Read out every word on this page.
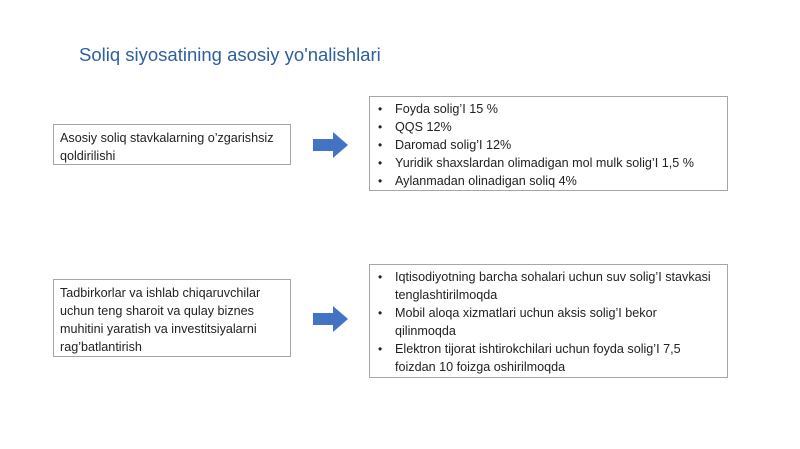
Soliq siyosatining asosiy yo'nalishlari
Asosiy soliq stavkalarning o’zgarishsiz qoldirilishi
• Foyda solig’I 15 %
• QQS 12%
• Daromad solig’I 12%
• Yuridik shaxslardan olimadigan mol mulk solig’I 1,5 %
• Aylanmadan olinadigan soliq 4%
Tadbirkorlar va ishlab chiqaruvchilar uchun teng sharoit va qulay biznes muhitini yaratish va investitsiyalarni rag’batlantirish
• Iqtisodiyotning barcha sohalari uchun suv solig’I stavkasi tenglashtirilmoqda
• Mobil aloqa xizmatlari uchun aksis solig’I bekor qilinmoqda
• Elektron tijorat ishtirokchilari uchun foyda solig’I 7,5 foizdan 10 foizga oshirilmoqda
